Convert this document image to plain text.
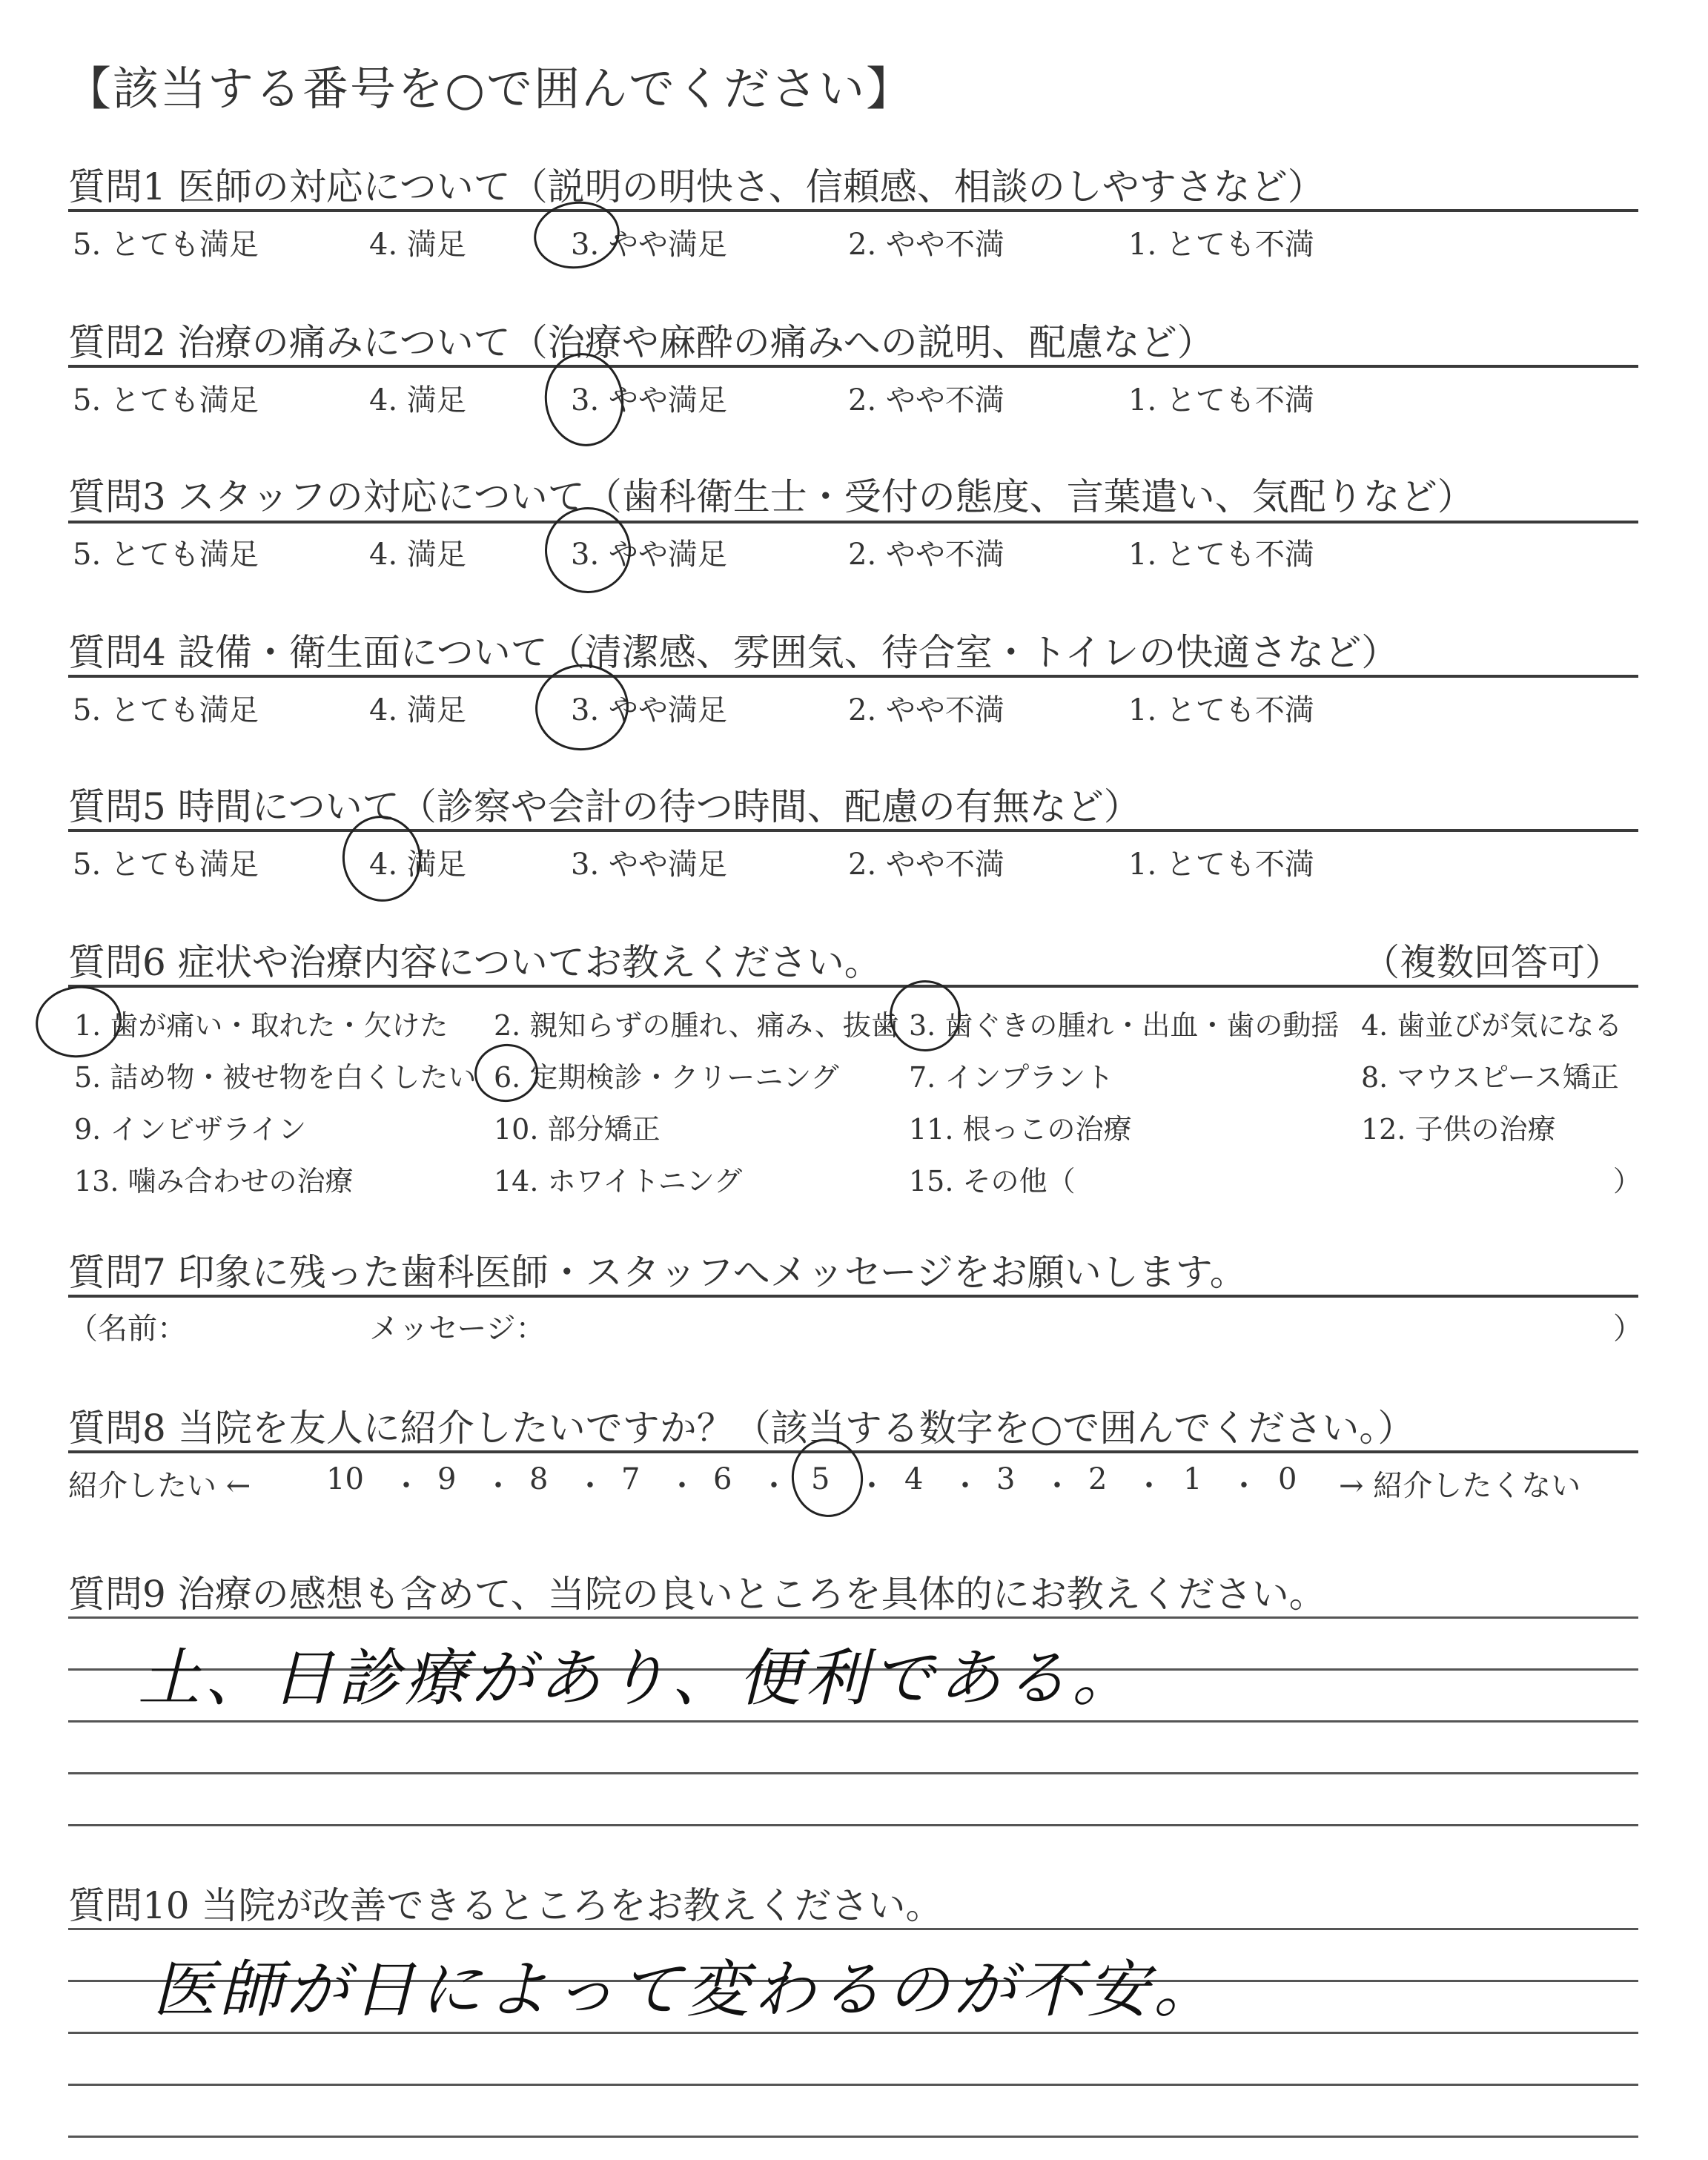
【該当する番号を○で囲んでください】
質問1 医師の対応について（説明の明快さ、信頼感、相談のしやすさなど）
5. とても満足	4. 満足	3. やや満足	2. やや不満	1. とても不満
質問2 治療の痛みについて（治療や麻酔の痛みへの説明、配慮など）
5. とても満足	4. 満足	3. やや満足	2. やや不満	1. とても不満
質問3 スタッフの対応について（歯科衛生士・受付の態度、言葉遣い、気配りなど）
5. とても満足	4. 満足	3. やや満足	2. やや不満	1. とても不満
質問4 設備・衛生面について（清潔感、雰囲気、待合室・トイレの快適さなど）
5. とても満足	4. 満足	3. やや満足	2. やや不満	1. とても不満
質問5 時間について（診察や会計の待つ時間、配慮の有無など）
5. とても満足	4. 満足	3. やや満足	2. やや不満	1. とても不満
質問6 症状や治療内容についてお教えください。	（複数回答可）
1. 歯が痛い・取れた・欠けた 2. 親知らずの腫れ、痛み、抜歯 3. 歯ぐきの腫れ・出血・歯の動揺 4. 歯並びが気になる
5. 詰め物・被せ物を白くしたい 6. 定期検診・クリーニング 7. インプラント	8. マウスピース矯正
9. インビザライン	10. 部分矯正	11. 根っこの治療	12. 子供の治療
13. 噛み合わせの治療	14. ホワイトニング	15. その他（	）
質問7 印象に残った歯科医師・スタッフへメッセージをお願いします。
（名前：	メッセージ：	）
質問8 当院を友人に紹介したいですか？（該当する数字を○で囲んでください。）
紹介したい ←	10 ・ 9 ・ 8 ・ 7 ・ 6 ・ 5 ・ 4 ・ 3 ・ 2 ・ 1 ・ 0 → 紹介したくない
質問9 治療の感想も含めて、当院の良いところを具体的にお教えください。
土、日診療があり、便利である。
質問10 当院が改善できるところをお教えください。
医師が日によって変わるのが不安。
